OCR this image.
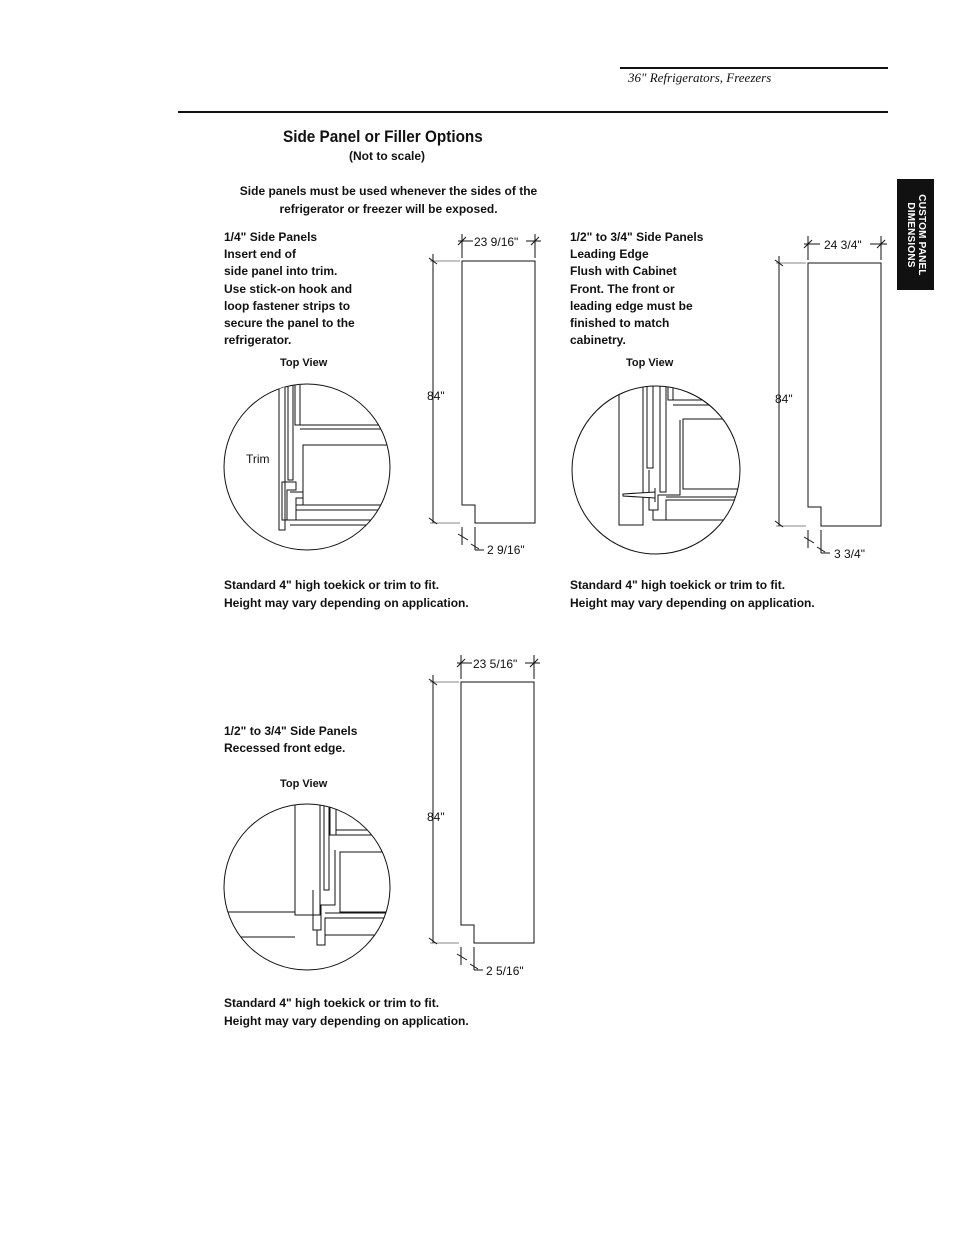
36" Refrigerators, Freezers
CUSTOM PANEL
DIMENSIONS
Side Panel or Filler Options
(Not to scale)
Side panels must be used whenever the sides of the
refrigerator or freezer will be exposed.
1/4" Side Panels
Insert end of
side panel into trim.
Use stick-on hook and
loop fastener strips to
secure the panel to the
refrigerator.
Top View
1/2" to 3/4" Side Panels
Leading Edge
Flush with Cabinet
Front. The front or
leading edge must be
finished to match
cabinetry.
Top View
1/2" to 3/4" Side Panels
Recessed front edge.
Top View
Standard 4" high toekick or trim to fit.
Height may vary depending on application.
Standard 4" high toekick or trim to fit.
Height may vary depending on application.
Standard 4" high toekick or trim to fit.
Height may vary depending on application.
23 9/16"
84"
2 9/16"
Trim
24 3/4"
84"
3 3/4"
23 5/16"
84"
2 5/16"
